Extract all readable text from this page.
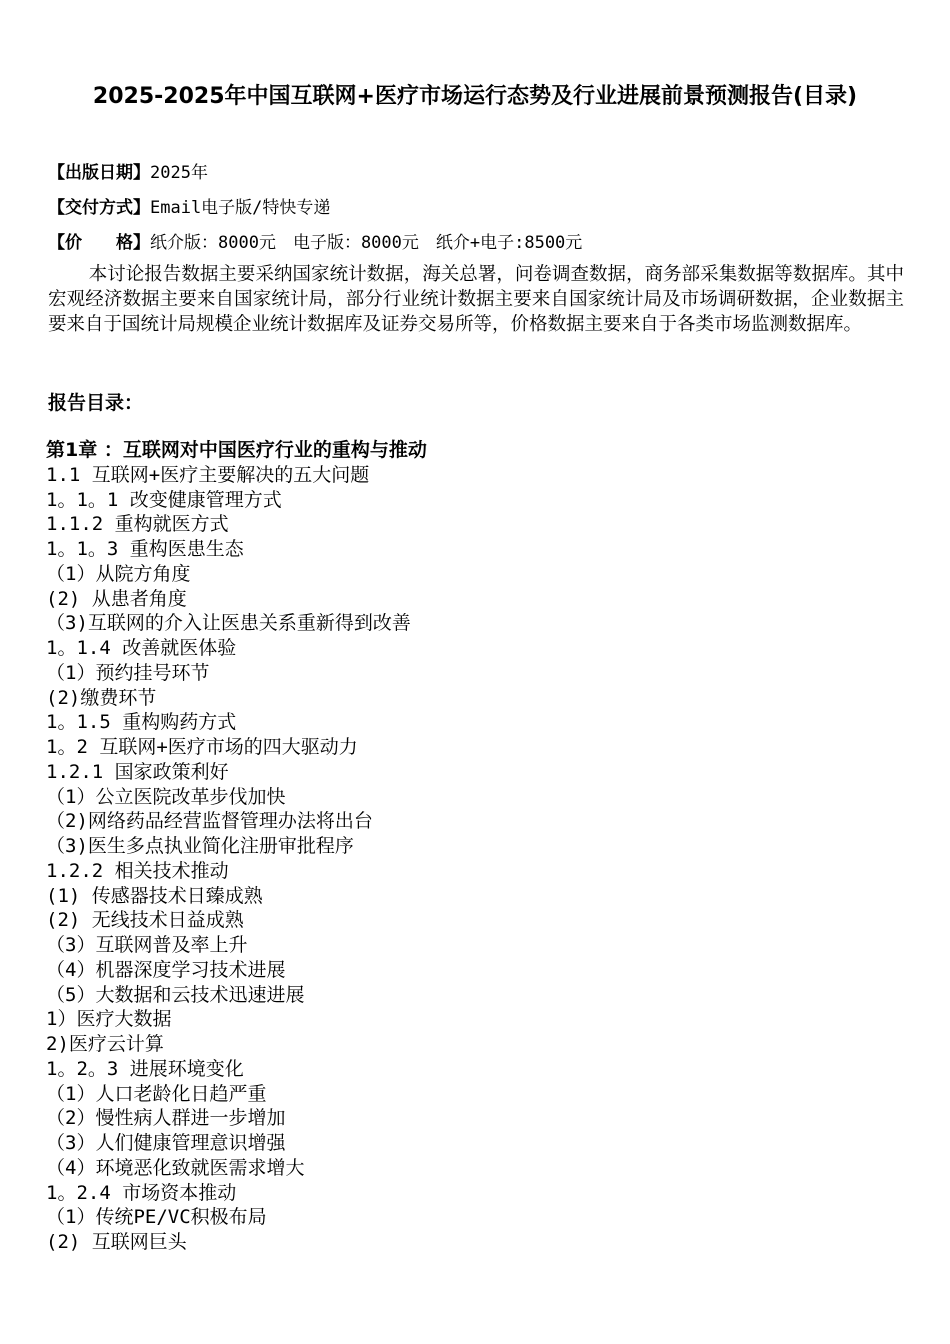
2025-2025年中国互联网+医疗市场运行态势及行业进展前景预测报告(目录)
【出版日期】2025年
【交付方式】Email电子版/特快专递
【价　　格】纸介版：8000元　电子版：8000元　纸介+电子:8500元

本讨论报告数据主要采纳国家统计数据，海关总署，问卷调查数据，商务部采集数据等数据库。其中宏观经济数据主要来自国家统计局，部分行业统计数据主要来自国家统计局及市场调研数据，企业数据主要来自于国统计局规模企业统计数据库及证券交易所等，价格数据主要来自于各类市场监测数据库。

报告目录：
第1章 ：互联网对中国医疗行业的重构与推动
1.1 互联网+医疗主要解决的五大问题
1。1。1 改变健康管理方式
1.1.2 重构就医方式
1。1。3 重构医患生态
（1）从院方角度
(2) 从患者角度
（3)互联网的介入让医患关系重新得到改善
1。1.4 改善就医体验
（1）预约挂号环节
(2)缴费环节
1。1.5 重构购药方式
1。2 互联网+医疗市场的四大驱动力
1.2.1 国家政策利好
（1）公立医院改革步伐加快
（2)网络药品经营监督管理办法将出台
（3)医生多点执业简化注册审批程序
1.2.2 相关技术推动
(1) 传感器技术日臻成熟
(2) 无线技术日益成熟
（3）互联网普及率上升
（4）机器深度学习技术进展
（5）大数据和云技术迅速进展
1）医疗大数据
2)医疗云计算
1。2。3 进展环境变化
（1）人口老龄化日趋严重
（2）慢性病人群进一步增加
（3）人们健康管理意识增强
（4）环境恶化致就医需求增大
1。2.4 市场资本推动
（1）传统PE/VC积极布局
(2) 互联网巨头
